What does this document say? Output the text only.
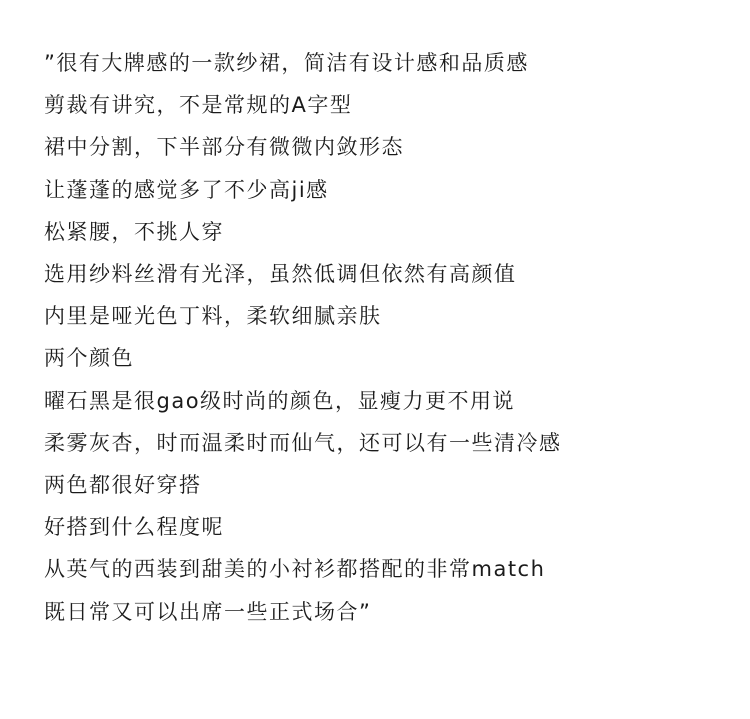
”很有大牌感的一款纱裙，简洁有设计感和品质感

剪裁有讲究，不是常规的A字型

裙中分割，下半部分有微微内敛形态

让蓬蓬的感觉多了不少高ji感

松紧腰，不挑人穿

选用纱料丝滑有光泽，虽然低调但依然有高颜值

内里是哑光色丁料，柔软细腻亲肤

两个颜色

曜石黑是很gao级时尚的颜色，显瘦力更不用说

柔雾灰杏，时而温柔时而仙气，还可以有一些清冷感

两色都很好穿搭

好搭到什么程度呢

从英气的西装到甜美的小衬衫都搭配的非常match

既日常又可以出席一些正式场合”
